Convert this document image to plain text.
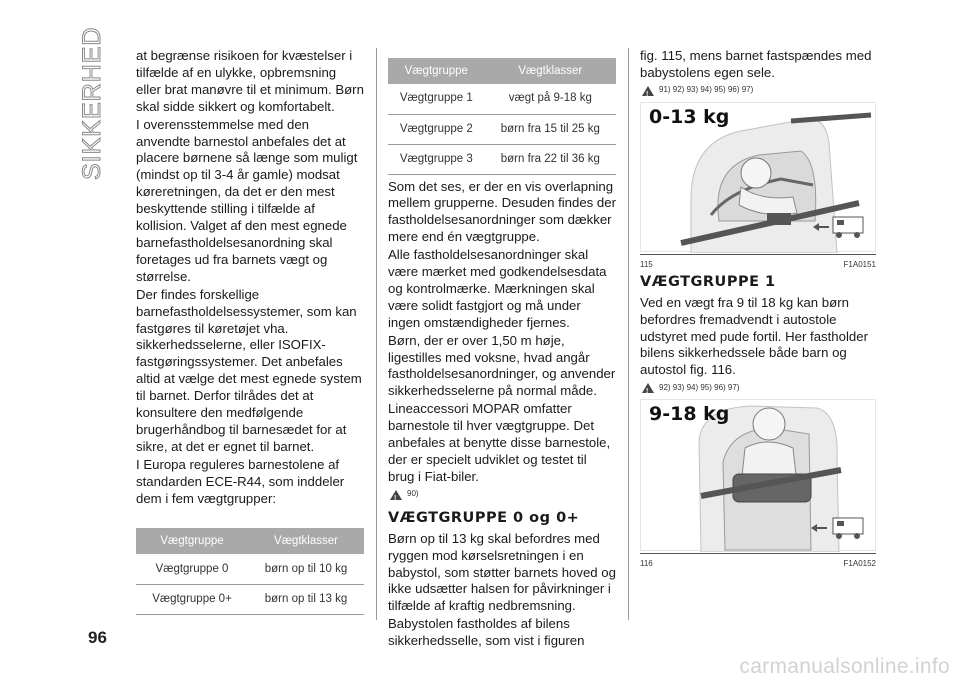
SIKKERHED at begrænse risikoen for kvæstelser i tilfælde af en ulykke, opbremsning eller brat manøvre til et minimum. Børn skal sidde sikkert og komfortabelt.

I overensstemmelse med den anvendte barnestol anbefales det at placere børnene så længe som muligt (mindst op til 3-4 år gamle) modsat køreretningen, da det er den mest beskyttende stilling i tilfælde af kollision. Valget af den mest egnede barnefastholdelsesanordning skal foretages ud fra barnets vægt og størrelse.

Der findes forskellige barnefastholdelsessystemer, som kan fastgøres til køretøjet vha. sikkerhedsselerne, eller ISOFIX-fastgøringssystemer. Det anbefales altid at vælge det mest egnede system til barnet. Derfor tilrådes det at konsultere den medfølgende brugerhåndbog til barnesædet for at sikre, at det er egnet til barnet.

I Europa reguleres barnestolene af standarden ECE-R44, som inddeler dem i fem vægtgrupper:

Vægtgruppe	Vægtklasser
Vægtgruppe 0	børn op til 10 kg
Vægtgruppe 0+	børn op til 13 kg
Vægtgruppe	Vægtklasser
Vægtgruppe 1	vægt på 9-18 kg
Vægtgruppe 2	børn fra 15 til 25 kg
Vægtgruppe 3	børn fra 22 til 36 kg

Som det ses, er der en vis overlapning mellem grupperne. Desuden findes der fastholdelsesanordninger som dækker mere end én vægtgruppe.

Alle fastholdelsesanordninger skal være mærket med godkendelsesdata og kontrolmærke. Mærkningen skal være solidt fastgjort og må under ingen omstændigheder fjernes.

Børn, der er over 1,50 m høje, ligestilles med voksne, hvad angår fastholdelsesanordninger, og anvender sikkerhedsselerne på normal måde.

Lineaccessori MOPAR omfatter barnestole til hver vægtgruppe. Det anbefales at benytte disse barnestole, der er specielt udviklet og testet til brug i Fiat-biler.

!
90)
VÆGTGRUPPE 0 og 0+

Børn op til 13 kg skal befordres med ryggen mod kørselsretningen i en babystol, som støtter barnets hoved og ikke udsætter halsen for påvirkninger i tilfælde af kraftig nedbremsning.

Babystolen fastholdes af bilens sikkerhedsselle, som vist i figuren

fig. 115, mens barnet fastspændes med babystolens egen sele.

!
91) 92) 93) 94) 95) 96) 97)
0-13 kg
115	F1A0151
VÆGTGRUPPE 1

Ved en vægt fra 9 til 18 kg kan børn befordres fremadvendt i autostole udstyret med pude fortil. Her fastholder bilens sikkerhedssele både barn og autostol fig. 116.

!
92) 93) 94) 95) 96) 97)
9-18 kg
116	F1A0152
96
carmanualsonline.info
